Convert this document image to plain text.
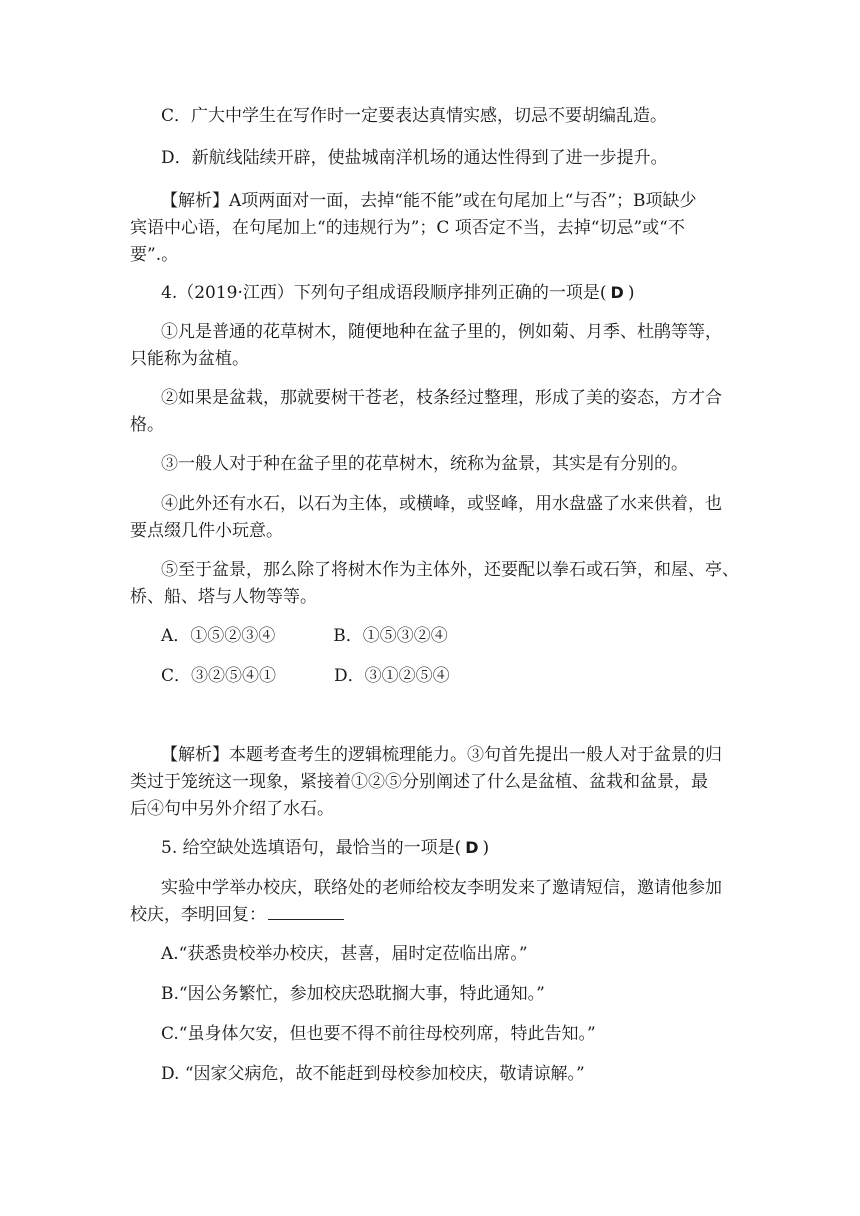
C．广大中学生在写作时一定要表达真情实感，切忌不要胡编乱造。
D．新航线陆续开辟，使盐城南洋机场的通达性得到了进一步提升。
【解析】A项两面对一面，去掉“能不能”或在句尾加上“与否”；B项缺少
宾语中心语，在句尾加上“的违规行为”；C 项否定不当，去掉“切忌”或“不
要”.。
4.（2019·江西）下列句子组成语段顺序排列正确的一项是( D )
①凡是普通的花草树木，随便地种在盆子里的，例如菊、月季、杜鹃等等，
只能称为盆植。
②如果是盆栽，那就要树干苍老，枝条经过整理，形成了美的姿态，方才合
格。
③一般人对于种在盆子里的花草树木，统称为盆景，其实是有分别的。
④此外还有水石，以石为主体，或横峰，或竖峰，用水盘盛了水来供着，也
要点缀几件小玩意。
⑤至于盆景，那么除了将树木作为主体外，还要配以拳石或石笋，和屋、亭、
桥、船、塔与人物等等。
A．①⑤②③④	B．①⑤③②④
C．③②⑤④①	D．③①②⑤④
【解析】本题考查考生的逻辑梳理能力。③句首先提出一般人对于盆景的归
类过于笼统这一现象，紧接着①②⑤分别阐述了什么是盆植、盆栽和盆景，最
后④句中另外介绍了水石。
5. 给空缺处选填语句，最恰当的一项是( D )
实验中学举办校庆，联络处的老师给校友李明发来了邀请短信，邀请他参加
校庆，李明回复：
A.“获悉贵校举办校庆，甚喜，届时定莅临出席。”
B.“因公务繁忙，参加校庆恐耽搁大事，特此通知。”
C.“虽身体欠安，但也要不得不前往母校列席，特此告知。”
D. “因家父病危，故不能赶到母校参加校庆，敬请谅解。”
